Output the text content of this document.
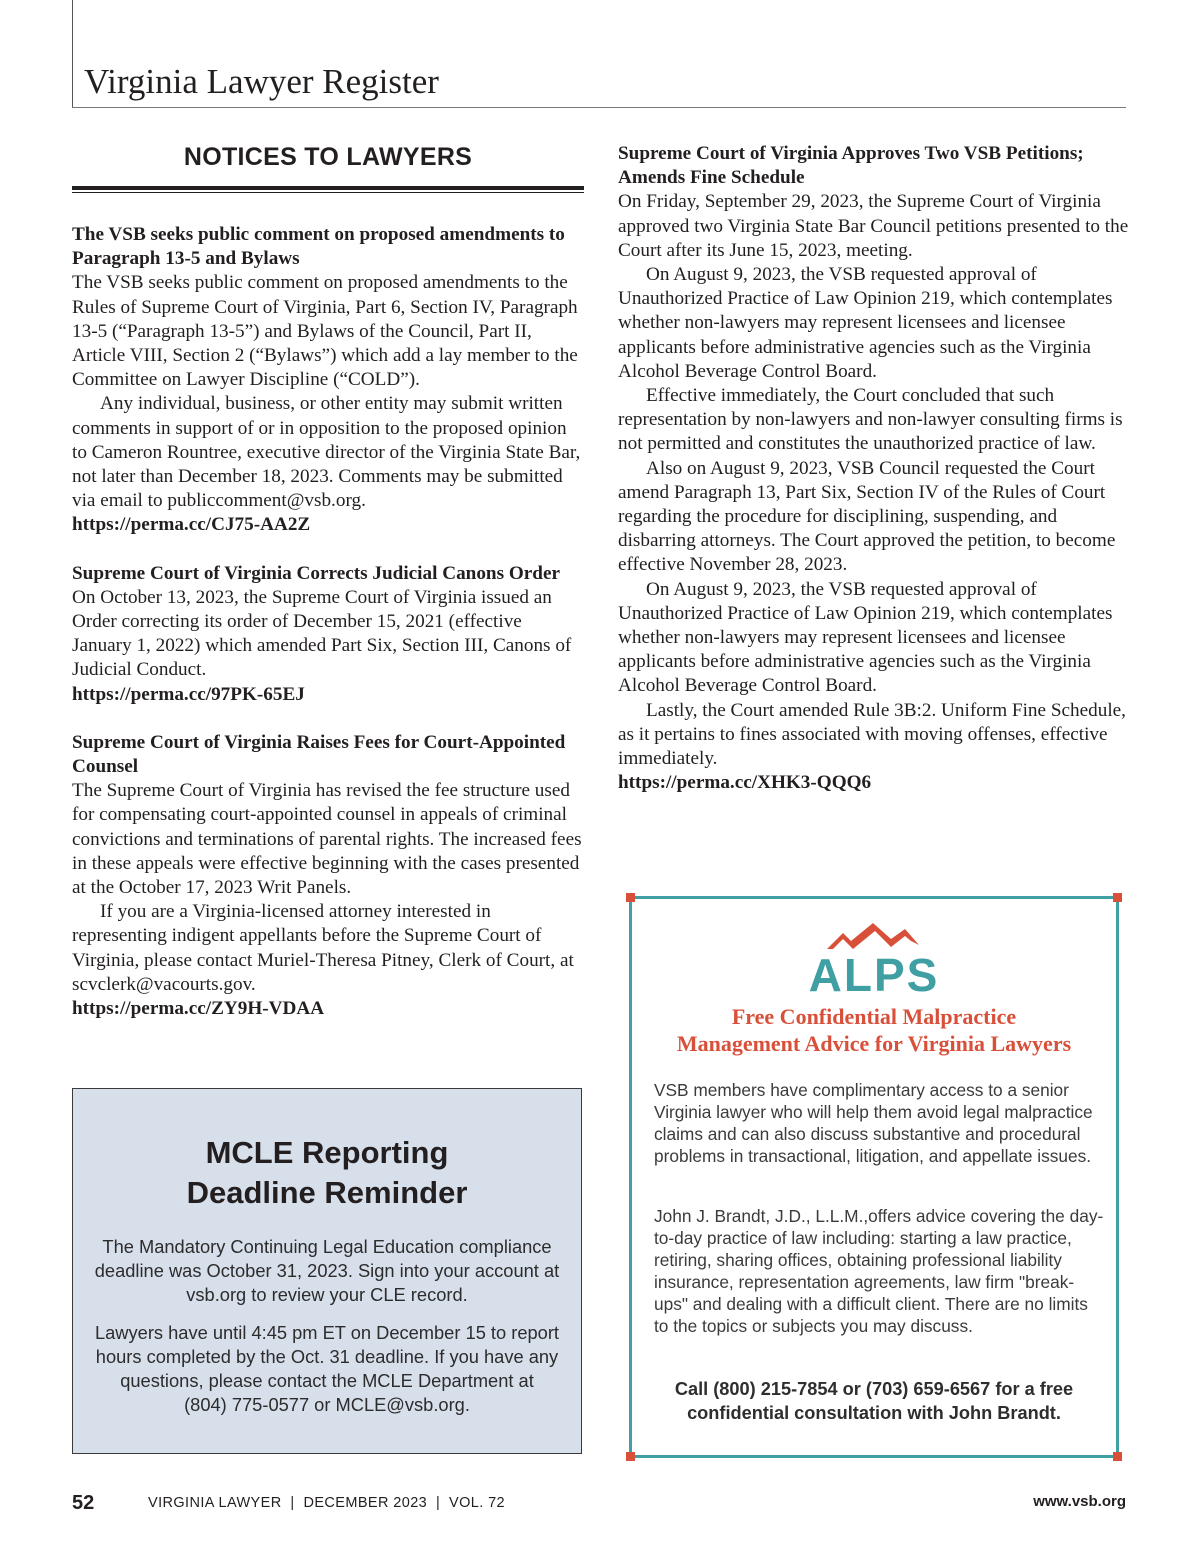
Virginia Lawyer Register
NOTICES TO LAWYERS
The VSB seeks public comment on proposed amendments to Paragraph 13-5 and Bylaws

The VSB seeks public comment on proposed amendments to the Rules of Supreme Court of Virginia, Part 6, Section IV, Paragraph 13-5 (“Paragraph 13-5”) and Bylaws of the Council, Part II, Article VIII, Section 2 (“Bylaws”) which add a lay member to the Committee on Lawyer Discipline (“COLD”).

Any individual, business, or other entity may submit written comments in support of or in opposition to the proposed opinion to Cameron Rountree, executive director of the Virginia State Bar, not later than December 18, 2023. Comments may be submitted via email to publiccomment@vsb.org.

https://perma.cc/CJ75-AA2Z
Supreme Court of Virginia Corrects Judicial Canons Order

On October 13, 2023, the Supreme Court of Virginia issued an Order correcting its order of December 15, 2021 (effective January 1, 2022) which amended Part Six, Section III, Canons of Judicial Conduct.

https://perma.cc/97PK-65EJ
Supreme Court of Virginia Raises Fees for Court-Appointed Counsel

The Supreme Court of Virginia has revised the fee structure used for compensating court-appointed counsel in appeals of criminal convictions and terminations of parental rights. The increased fees in these appeals were effective beginning with the cases presented at the October 17, 2023 Writ Panels.

If you are a Virginia-licensed attorney interested in representing indigent appellants before the Supreme Court of Virginia, please contact Muriel-Theresa Pitney, Clerk of Court, at scvclerk@vacourts.gov.

https://perma.cc/ZY9H-VDAA
Supreme Court of Virginia Approves Two VSB Petitions; Amends Fine Schedule

On Friday, September 29, 2023, the Supreme Court of Virginia approved two Virginia State Bar Council petitions presented to the Court after its June 15, 2023, meeting.

On August 9, 2023, the VSB requested approval of Unauthorized Practice of Law Opinion 219, which contemplates whether non-lawyers may represent licensees and licensee applicants before administrative agencies such as the Virginia Alcohol Beverage Control Board.

Effective immediately, the Court concluded that such representation by non-lawyers and non-lawyer consulting firms is not permitted and constitutes the unauthorized practice of law.

Also on August 9, 2023, VSB Council requested the Court amend Paragraph 13, Part Six, Section IV of the Rules of Court regarding the procedure for disciplining, suspending, and disbarring attorneys. The Court approved the petition, to become effective November 28, 2023.

On August 9, 2023, the VSB requested approval of Unauthorized Practice of Law Opinion 219, which contemplates whether non-lawyers may represent licensees and licensee applicants before administrative agencies such as the Virginia Alcohol Beverage Control Board.

Lastly, the Court amended Rule 3B:2. Uniform Fine Schedule, as it pertains to fines associated with moving offenses, effective immediately.

https://perma.cc/XHK3-QQQ6
MCLE Reporting
Deadline Reminder
The Mandatory Continuing Legal Education compliance deadline was October 31, 2023. Sign into your account at vsb.org to review your CLE record.
Lawyers have until 4:45 pm ET on December 15 to report hours completed by the Oct. 31 deadline. If you have any questions, please contact the MCLE Department at
(804) 775-0577 or MCLE@vsb.org.
ALPS
Free Confidential Malpractice
Management Advice for Virginia Lawyers
VSB members have complimentary access to a senior Virginia lawyer who will help them avoid legal malpractice claims and can also discuss substantive and procedural problems in transactional, litigation, and appellate issues.
John J. Brandt, J.D., L.L.M.,offers advice covering the day-to-day practice of law including: starting a law practice, retiring, sharing offices, obtaining professional liability insurance, representation agreements, law firm "break-ups" and dealing with a difficult client. There are no limits to the topics or subjects you may discuss.
Call (800) 215-7854 or (703) 659-6567 for a free confidential consultation with John Brandt.
52	VIRGINIA LAWYER  |  DECEMBER 2023  |  VOL. 72	www.vsb.org
